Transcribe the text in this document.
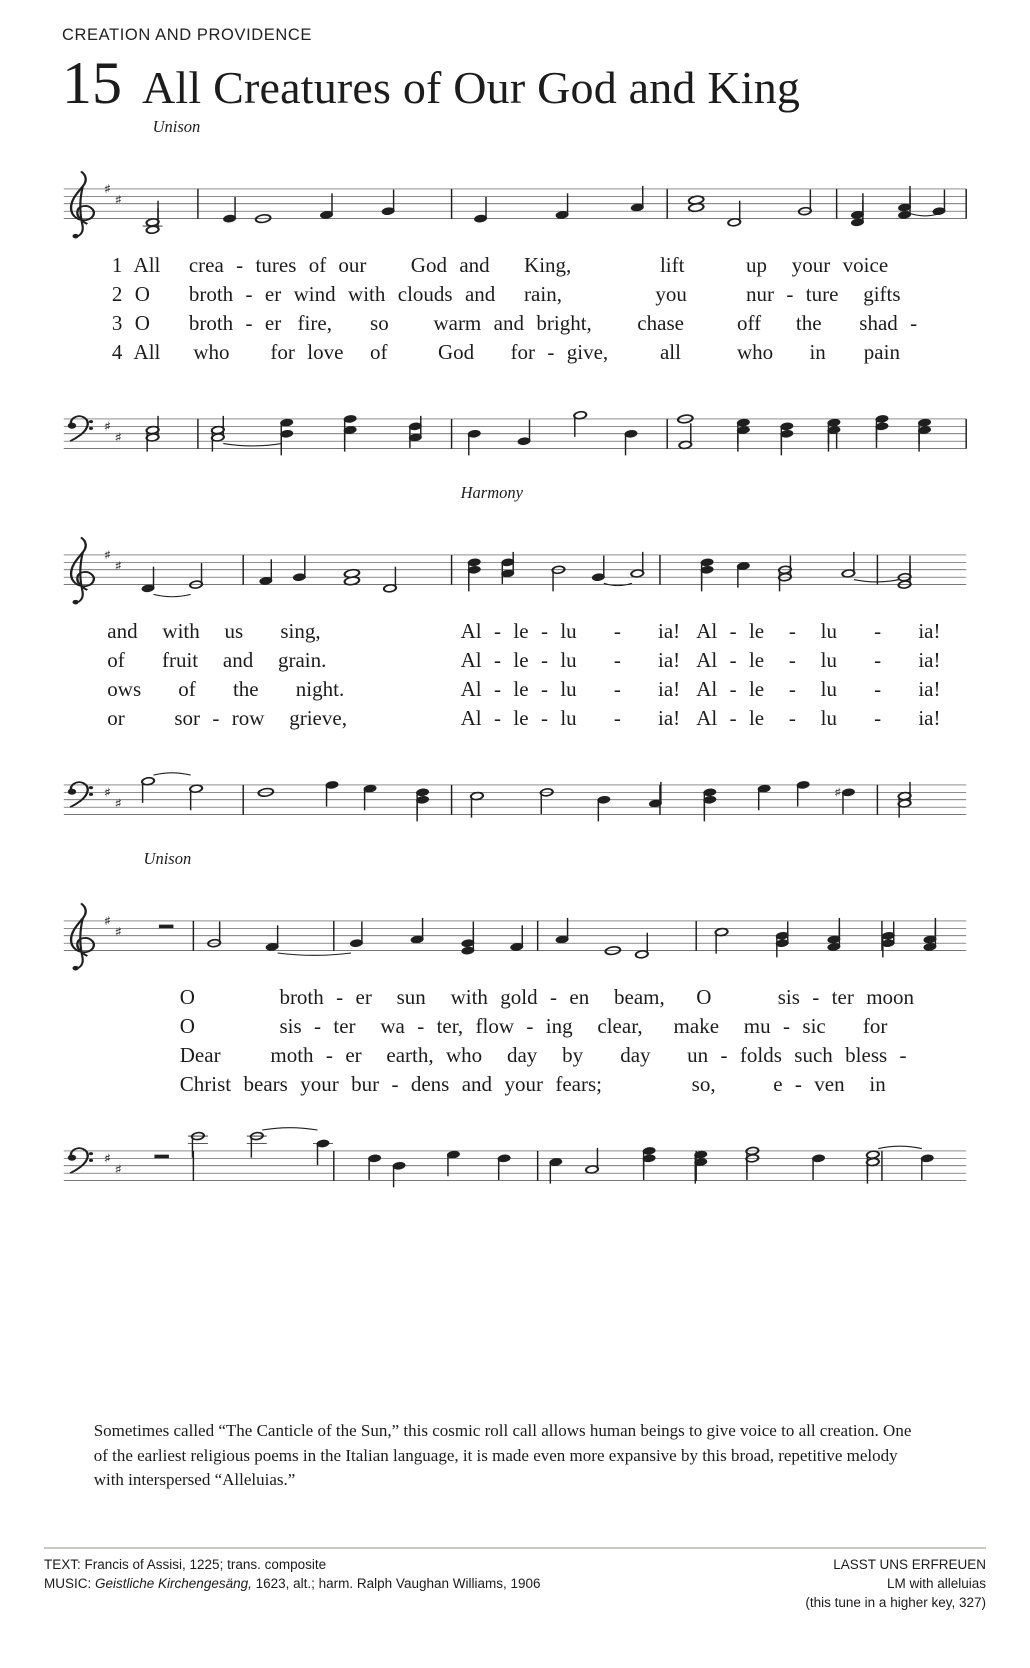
CREATION AND PROVIDENCE
15 All Creatures of Our God and King
Unison
♯
♯
1 All crea - tures of our God and King,	lift	up  your voice
2 O broth - er wind with clouds and rain,	you	nur - ture  gifts
3 O broth - er fire, so warm and bright, chase	off the shad -
4 All who for love of God for - give, all	who in pain
♯
♯
Harmony
♯
♯
and  with  us   sing,	Al - le - lu   -   ia! Al - le  -  lu   -   ia!
of   fruit  and  grain.	Al - le - lu   -   ia! Al - le  -  lu   -   ia!
ows   of   the   night.	Al - le - lu   -   ia! Al - le  -  lu   -   ia!
or    sor - row  grieve,	Al - le - lu   -   ia! Al - le  -  lu   -   ia!
♯
♯
♯
Unison
♯
♯
O	broth - er  sun  with gold - en  beam, O	sis - ter moon
O	sis - ter  wa - ter, flow - ing  clear, make  mu - sic   for
Dear moth - er  earth, who  day  by   day un - folds such bless -
Christ bears your bur - dens and your fears;	so,	e - ven  in
♯
♯

Sometimes called “The Canticle of the Sun,” this cosmic roll call allows human beings to give voice to all creation. One of the earliest religious poems in the Italian language, it is made even more expansive by this broad, repetitive melody with interspersed “Alleluias.”

TEXT: Francis of Assisi, 1225; trans. composite
MUSIC: Geistliche Kirchengesäng, 1623, alt.; harm. Ralph Vaughan Williams, 1906
LASST UNS ERFREUEN
LM with alleluias
(this tune in a higher key, 327)
